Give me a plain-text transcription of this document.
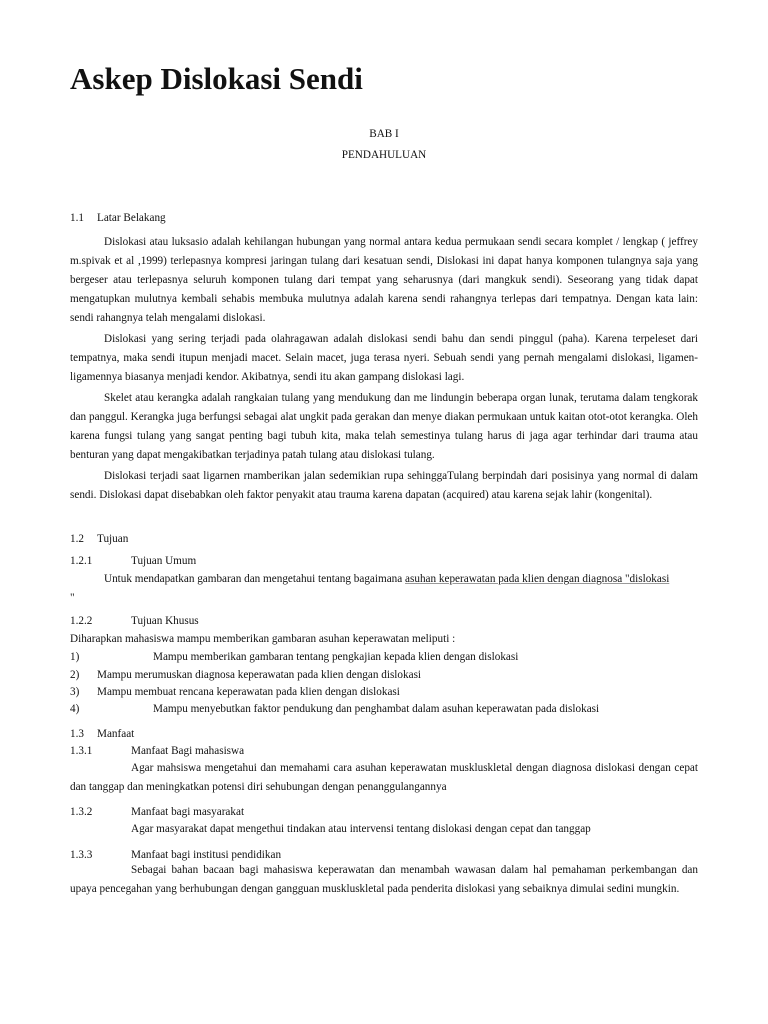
Askep Dislokasi Sendi
BAB I
PENDAHULUAN
1.1 Latar Belakang

Dislokasi atau luksasio adalah kehilangan hubungan yang normal antara kedua permukaan sendi secara komplet / lengkap ( jeffrey m.spivak et al ,1999) terlepasnya kompresi jaringan tulang dari kesatuan sendi, Dislokasi ini dapat hanya komponen tulangnya saja yang bergeser atau terlepasnya seluruh komponen tulang dari tempat yang seharusnya (dari mangkuk sendi). Seseorang yang tidak dapat mengatupkan mulutnya kembali sehabis membuka mulutnya adalah karena sendi rahangnya terlepas dari tempatnya. Dengan kata lain: sendi rahangnya telah mengalami dislokasi.

Dislokasi yang sering terjadi pada olahragawan adalah dislokasi sendi bahu dan sendi pinggul (paha). Karena terpeleset dari tempatnya, maka sendi itupun menjadi macet. Selain macet, juga terasa nyeri. Sebuah sendi yang pernah mengalami dislokasi, ligamen-ligamennya biasanya menjadi kendor. Akibatnya, sendi itu akan gampang dislokasi lagi.

Skelet atau kerangka adalah rangkaian tulang yang mendukung dan me lindungin beberapa organ lunak, terutama dalam tengkorak dan panggul. Kerangka juga berfungsi sebagai alat ungkit pada gerakan dan menye diakan permukaan untuk kaitan otot-otot kerangka. Oleh karena fungsi tulang yang sangat penting bagi tubuh kita, maka telah semestinya tulang harus di jaga agar terhindar dari trauma atau benturan yang dapat mengakibatkan terjadinya patah tulang atau dislokasi tulang.

Dislokasi terjadi saat ligarnen rnamberikan jalan sedemikian rupa sehinggaTulang berpindah dari posisinya yang normal di dalam sendi. Dislokasi dapat disebabkan oleh faktor penyakit atau trauma karena dapatan (acquired) atau karena sejak lahir (kongenital).

1.2 Tujuan
1.2.1	Tujuan Umum

Untuk mendapatkan gambaran dan mengetahui tentang bagaimana asuhan keperawatan pada klien dengan diagnosa "dislokasi
"

1.2.2	Tujuan Khusus
Diharapkan mahasiswa mampu memberikan gambaran asuhan keperawatan meliputi :
1)	Mampu memberikan gambaran tentang pengkajian kepada klien dengan dislokasi
2) Mampu merumuskan diagnosa keperawatan pada klien dengan dislokasi
3) Mampu membuat rencana keperawatan pada klien dengan dislokasi
4)	Mampu menyebutkan faktor pendukung dan penghambat dalam asuhan keperawatan pada dislokasi
1.3 Manfaat
1.3.1	Manfaat Bagi mahasiswa

Agar mahsiswa mengetahui dan memahami cara asuhan keperawatan muskluskletal dengan diagnosa dislokasi dengan cepat dan tanggap dan meningkatkan potensi diri sehubungan dengan penanggulangannya

1.3.2	Manfaat bagi masyarakat
Agar masyarakat dapat mengethui tindakan atau intervensi tentang dislokasi dengan cepat dan tanggap
1.3.3	Manfaat bagi institusi pendidikan

Sebagai bahan bacaan bagi mahasiswa keperawatan dan menambah wawasan dalam hal pemahaman perkembangan dan upaya pencegahan yang berhubungan dengan gangguan muskluskletal pada penderita dislokasi yang sebaiknya dimulai sedini mungkin.
